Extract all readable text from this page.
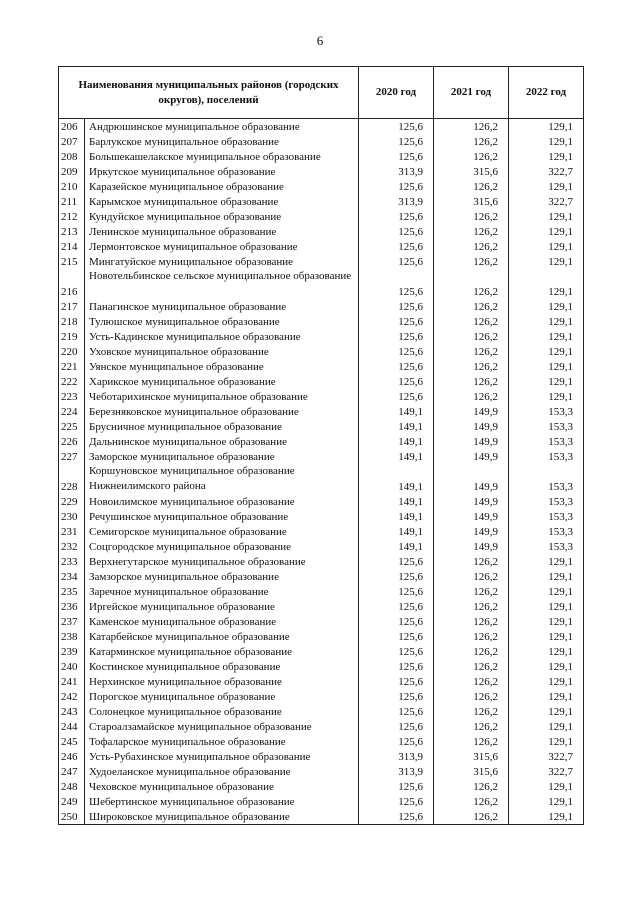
6
Наименования муниципальных районов (городских округов), поселений		2020 год	2021 год	2022 год
206	Андрюшинское муниципальное образование	125,6	126,2	129,1
207	Барлукское муниципальное образование	125,6	126,2	129,1
208	Большекашелакское муниципальное образование	125,6	126,2	129,1
209	Иркутское муниципальное образование	313,9	315,6	322,7
210	Каразейское муниципальное образование	125,6	126,2	129,1
211	Карымское муниципальное образование	313,9	315,6	322,7
212	Кундуйское муниципальное образование	125,6	126,2	129,1
213	Ленинское муниципальное образование	125,6	126,2	129,1
214	Лермонтовское муниципальное образование	125,6	126,2	129,1
215	Мингатуйское муниципальное образование	125,6	126,2	129,1
216	Новотельбинское сельское муниципальное образование	125,6	126,2	129,1
217	Панагинское муниципальное образование	125,6	126,2	129,1
218	Тулюшское муниципальное образование	125,6	126,2	129,1
219	Усть-Кадинское муниципальное образование	125,6	126,2	129,1
220	Уховское муниципальное образование	125,6	126,2	129,1
221	Уянское муниципальное образование	125,6	126,2	129,1
222	Харикское муниципальное образование	125,6	126,2	129,1
223	Чеботарихинское муниципальное образование	125,6	126,2	129,1
224	Березняковское муниципальное образование	149,1	149,9	153,3
225	Брусничное муниципальное образование	149,1	149,9	153,3
226	Дальнинское муниципальное образование	149,1	149,9	153,3
227	Заморское муниципальное образование	149,1	149,9	153,3
228	Коршуновское муниципальное образование Нижнеилимского района	149,1	149,9	153,3
229	Новоилимское муниципальное образование	149,1	149,9	153,3
230	Речушинское муниципальное образование	149,1	149,9	153,3
231	Семигорское муниципальное образование	149,1	149,9	153,3
232	Соцгородское муниципальное образование	149,1	149,9	153,3
233	Верхнегутарское муниципальное образование	125,6	126,2	129,1
234	Замзорское муниципальное образование	125,6	126,2	129,1
235	Заречное муниципальное образование	125,6	126,2	129,1
236	Иргейское муниципальное образование	125,6	126,2	129,1
237	Каменское муниципальное образование	125,6	126,2	129,1
238	Катарбейское муниципальное образование	125,6	126,2	129,1
239	Катарминское муниципальное образование	125,6	126,2	129,1
240	Костинское муниципальное образование	125,6	126,2	129,1
241	Нерхинское муниципальное образование	125,6	126,2	129,1
242	Порогское муниципальное образование	125,6	126,2	129,1
243	Солонецкое муниципальное образование	125,6	126,2	129,1
244	Староалзамайское муниципальное образование	125,6	126,2	129,1
245	Тофаларское муниципальное образование	125,6	126,2	129,1
246	Усть-Рубахинское муниципальное образование	313,9	315,6	322,7
247	Худоеланское муниципальное образование	313,9	315,6	322,7
248	Чеховское муниципальное образование	125,6	126,2	129,1
249	Шебертинское муниципальное образование	125,6	126,2	129,1
250	Широковское муниципальное образование	125,6	126,2	129,1
